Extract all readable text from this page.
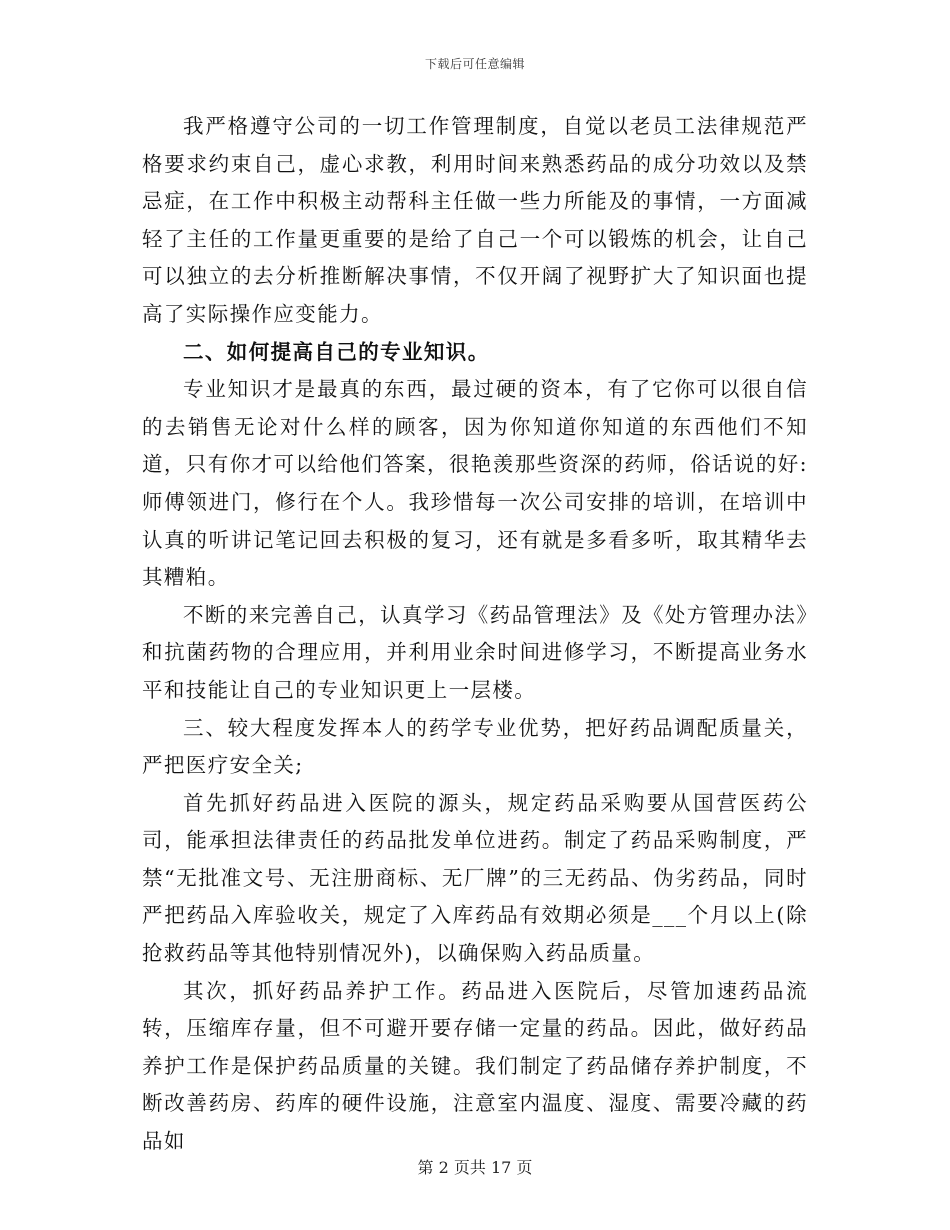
下载后可任意编辑

我严格遵守公司的一切工作管理制度，自觉以老员工法律规范严格要求约束自己，虚心求教，利用时间来熟悉药品的成分功效以及禁忌症，在工作中积极主动帮科主任做一些力所能及的事情，一方面减轻了主任的工作量更重要的是给了自己一个可以锻炼的机会，让自己可以独立的去分析推断解决事情，不仅开阔了视野扩大了知识面也提高了实际操作应变能力。

二、如何提高自己的专业知识。

专业知识才是最真的东西，最过硬的资本，有了它你可以很自信的去销售无论对什么样的顾客，因为你知道你知道的东西他们不知道，只有你才可以给他们答案，很艳羡那些资深的药师，俗话说的好:师傅领进门，修行在个人。我珍惜每一次公司安排的培训，在培训中认真的听讲记笔记回去积极的复习，还有就是多看多听，取其精华去其糟粕。

不断的来完善自己，认真学习《药品管理法》及《处方管理办法》和抗菌药物的合理应用，并利用业余时间进修学习，不断提高业务水平和技能让自己的专业知识更上一层楼。

三、较大程度发挥本人的药学专业优势，把好药品调配质量关，严把医疗安全关;

首先抓好药品进入医院的源头，规定药品采购要从国营医药公司，能承担法律责任的药品批发单位进药。制定了药品采购制度，严禁“无批准文号、无注册商标、无厂牌”的三无药品、伪劣药品，同时严把药品入库验收关，规定了入库药品有效期必须是___个月以上(除抢救药品等其他特别情况外)，以确保购入药品质量。

其次，抓好药品养护工作。药品进入医院后，尽管加速药品流转，压缩库存量，但不可避开要存储一定量的药品。因此，做好药品养护工作是保护药品质量的关键。我们制定了药品储存养护制度，不断改善药房、药库的硬件设施，注意室内温度、湿度、需要冷藏的药品如

第 2 页共 17 页
